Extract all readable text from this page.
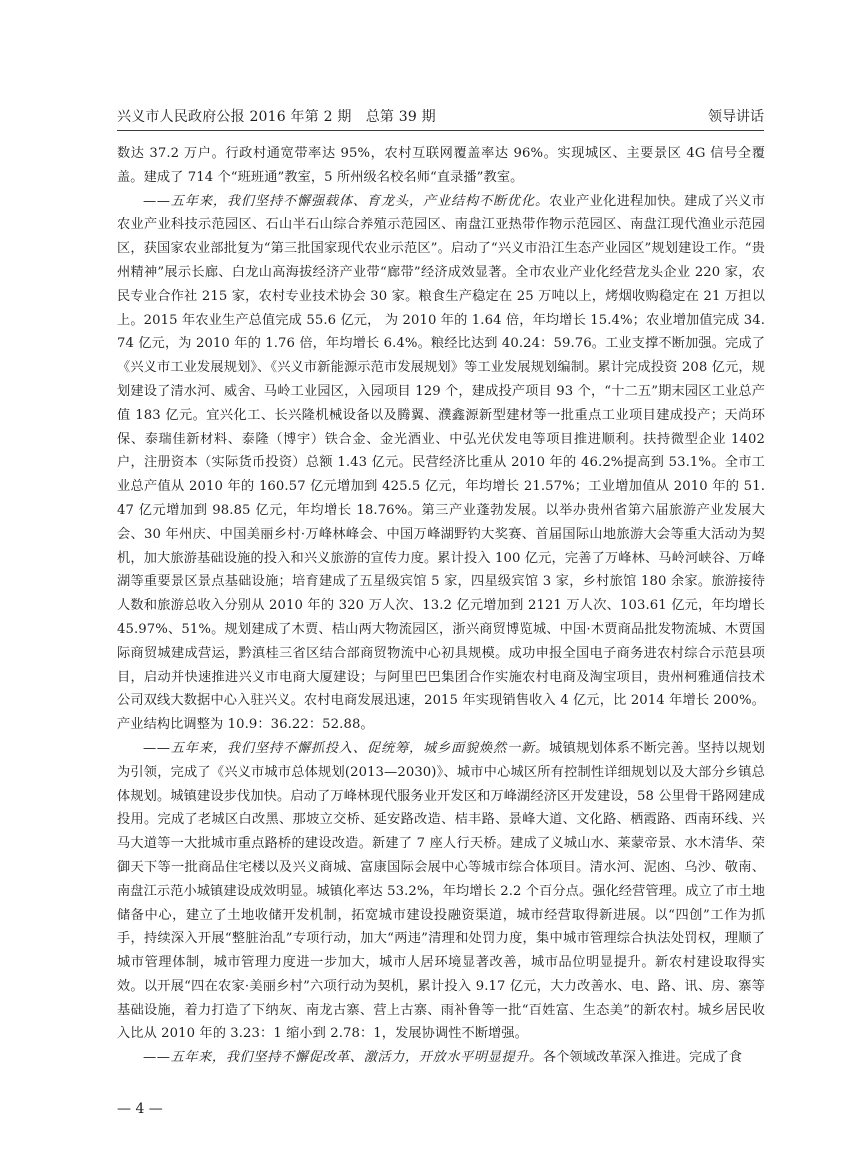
兴义市人民政府公报 2016 年第 2 期　总第 39 期	领导讲话

数达 37.2 万户。行政村通宽带率达 95%，农村互联网覆盖率达 96%。实现城区、主要景区 4G 信号全覆盖。建成了 714 个“班班通”教室，5 所州级名校名师“直录播”教室。

——五年来，我们坚持不懈强载体、育龙头，产业结构不断优化。农业产业化进程加快。建成了兴义市农业产业科技示范园区、石山半石山综合养殖示范园区、南盘江亚热带作物示范园区、南盘江现代渔业示范园区，获国家农业部批复为“第三批国家现代农业示范区”。启动了“兴义市沿江生态产业园区”规划建设工作。“贵州精神”展示长廊、白龙山高海拔经济产业带“廊带”经济成效显著。全市农业产业化经营龙头企业 220 家，农民专业合作社 215 家，农村专业技术协会 30 家。粮食生产稳定在 25 万吨以上，烤烟收购稳定在 21 万担以上。2015 年农业生产总值完成 55.6 亿元， 为 2010 年的 1.64 倍，年均增长 15.4%；农业增加值完成 34.74 亿元，为 2010 年的 1.76 倍，年均增长 6.4%。粮经比达到 40.24：59.76。工业支撑不断加强。完成了《兴义市工业发展规划》、《兴义市新能源示范市发展规划》等工业发展规划编制。累计完成投资 208 亿元，规划建设了清水河、威舍、马岭工业园区，入园项目 129 个，建成投产项目 93 个，“十二五”期末园区工业总产值 183 亿元。宜兴化工、长兴隆机械设备以及腾翼、濮鑫源新型建材等一批重点工业项目建成投产；天尚环保、泰瑞佳新材料、泰隆（博宇）铁合金、金光酒业、中弘光伏发电等项目推进顺利。扶持微型企业 1402 户，注册资本（实际货币投资）总额 1.43 亿元。民营经济比重从 2010 年的 46.2%提高到 53.1%。全市工业总产值从 2010 年的 160.57 亿元增加到 425.5 亿元，年均增长 21.57%；工业增加值从 2010 年的 51.47 亿元增加到 98.85 亿元，年均增长 18.76%。第三产业蓬勃发展。以举办贵州省第六届旅游产业发展大会、30 年州庆、中国美丽乡村·万峰林峰会、中国万峰湖野钓大奖赛、首届国际山地旅游大会等重大活动为契机，加大旅游基础设施的投入和兴义旅游的宣传力度。累计投入 100 亿元，完善了万峰林、马岭河峡谷、万峰湖等重要景区景点基础设施；培育建成了五星级宾馆 5 家，四星级宾馆 3 家，乡村旅馆 180 余家。旅游接待人数和旅游总收入分别从 2010 年的 320 万人次、13.2 亿元增加到 2121 万人次、103.61 亿元，年均增长 45.97%、51%。规划建成了木贾、桔山两大物流园区，浙兴商贸博览城、中国·木贾商品批发物流城、木贾国际商贸城建成营运，黔滇桂三省区结合部商贸物流中心初具规模。成功申报全国电子商务进农村综合示范县项目，启动并快速推进兴义市电商大厦建设；与阿里巴巴集团合作实施农村电商及淘宝项目，贵州柯雅通信技术公司双线大数据中心入驻兴义。农村电商发展迅速，2015 年实现销售收入 4 亿元，比 2014 年增长 200%。产业结构比调整为 10.9：36.22：52.88。

——五年来，我们坚持不懈抓投入、促统筹，城乡面貌焕然一新。城镇规划体系不断完善。坚持以规划为引领，完成了《兴义市城市总体规划(2013—2030)》、城市中心城区所有控制性详细规划以及大部分乡镇总体规划。城镇建设步伐加快。启动了万峰林现代服务业开发区和万峰湖经济区开发建设，58 公里骨干路网建成投用。完成了老城区白改黑、那坡立交桥、延安路改造、桔丰路、景峰大道、文化路、栖霞路、西南环线、兴马大道等一大批城市重点路桥的建设改造。新建了 7 座人行天桥。建成了义城山水、莱蒙帝景、水木清华、荣御天下等一批商品住宅楼以及兴义商城、富康国际会展中心等城市综合体项目。清水河、泥凼、乌沙、敬南、南盘江示范小城镇建设成效明显。城镇化率达 53.2%，年均增长 2.2 个百分点。强化经营管理。成立了市土地储备中心，建立了土地收储开发机制，拓宽城市建设投融资渠道，城市经营取得新进展。以“四创”工作为抓手，持续深入开展“整脏治乱”专项行动，加大“两违”清理和处罚力度，集中城市管理综合执法处罚权，理顺了城市管理体制，城市管理力度进一步加大，城市人居环境显著改善，城市品位明显提升。新农村建设取得实效。以开展“四在农家·美丽乡村”六项行动为契机，累计投入 9.17 亿元，大力改善水、电、路、讯、房、寨等基础设施，着力打造了下纳灰、南龙古寨、营上古寨、雨补鲁等一批“百姓富、生态美”的新农村。城乡居民收入比从 2010 年的 3.23：1 缩小到 2.78：1，发展协调性不断增强。

——五年来，我们坚持不懈促改革、激活力，开放水平明显提升。各个领域改革深入推进。完成了食

— 4 —
